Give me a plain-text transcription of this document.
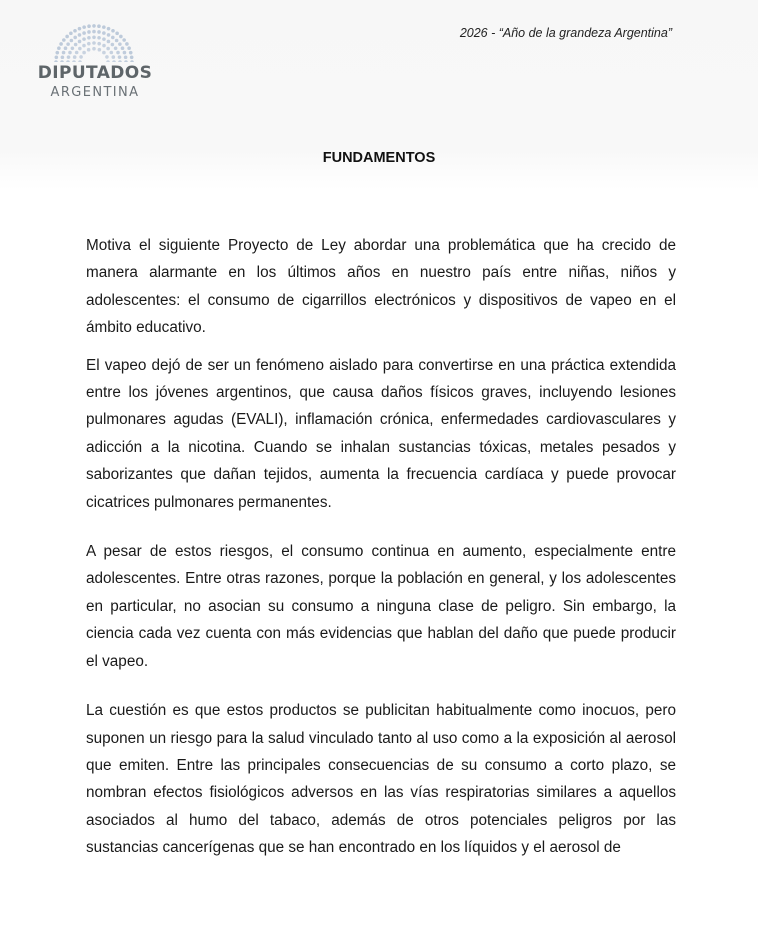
DIPUTADOS
ARGENTINA
2026 - “Año de la grandeza Argentina”
FUNDAMENTOS

Motiva el siguiente Proyecto de Ley abordar una problemática que ha crecido de manera alarmante en los últimos años en nuestro país entre niñas, niños y adolescentes: el consumo de cigarrillos electrónicos y dispositivos de vapeo en el ámbito educativo.

El vapeo dejó de ser un fenómeno aislado para convertirse en una práctica extendida entre los jóvenes argentinos, que causa daños físicos graves, incluyendo lesiones pulmonares agudas (EVALI), inflamación crónica, enfermedades cardiovasculares y adicción a la nicotina. Cuando se inhalan sustancias tóxicas, metales pesados y saborizantes que dañan tejidos, aumenta la frecuencia cardíaca y puede provocar cicatrices pulmonares permanentes.

A pesar de estos riesgos, el consumo continua en aumento, especialmente entre adolescentes. Entre otras razones, porque la población en general, y los adolescentes en particular, no asocian su consumo a ninguna clase de peligro. Sin embargo, la ciencia cada vez cuenta con más evidencias que hablan del daño que puede producir el vapeo.

La cuestión es que estos productos se publicitan habitualmente como inocuos, pero suponen un riesgo para la salud vinculado tanto al uso como a la exposición al aerosol que emiten. Entre las principales consecuencias de su consumo a corto plazo, se nombran efectos fisiológicos adversos en las vías respiratorias similares a aquellos asociados al humo del tabaco, además de otros potenciales peligros por las sustancias cancerígenas que se han encontrado en los líquidos y el aerosol de
